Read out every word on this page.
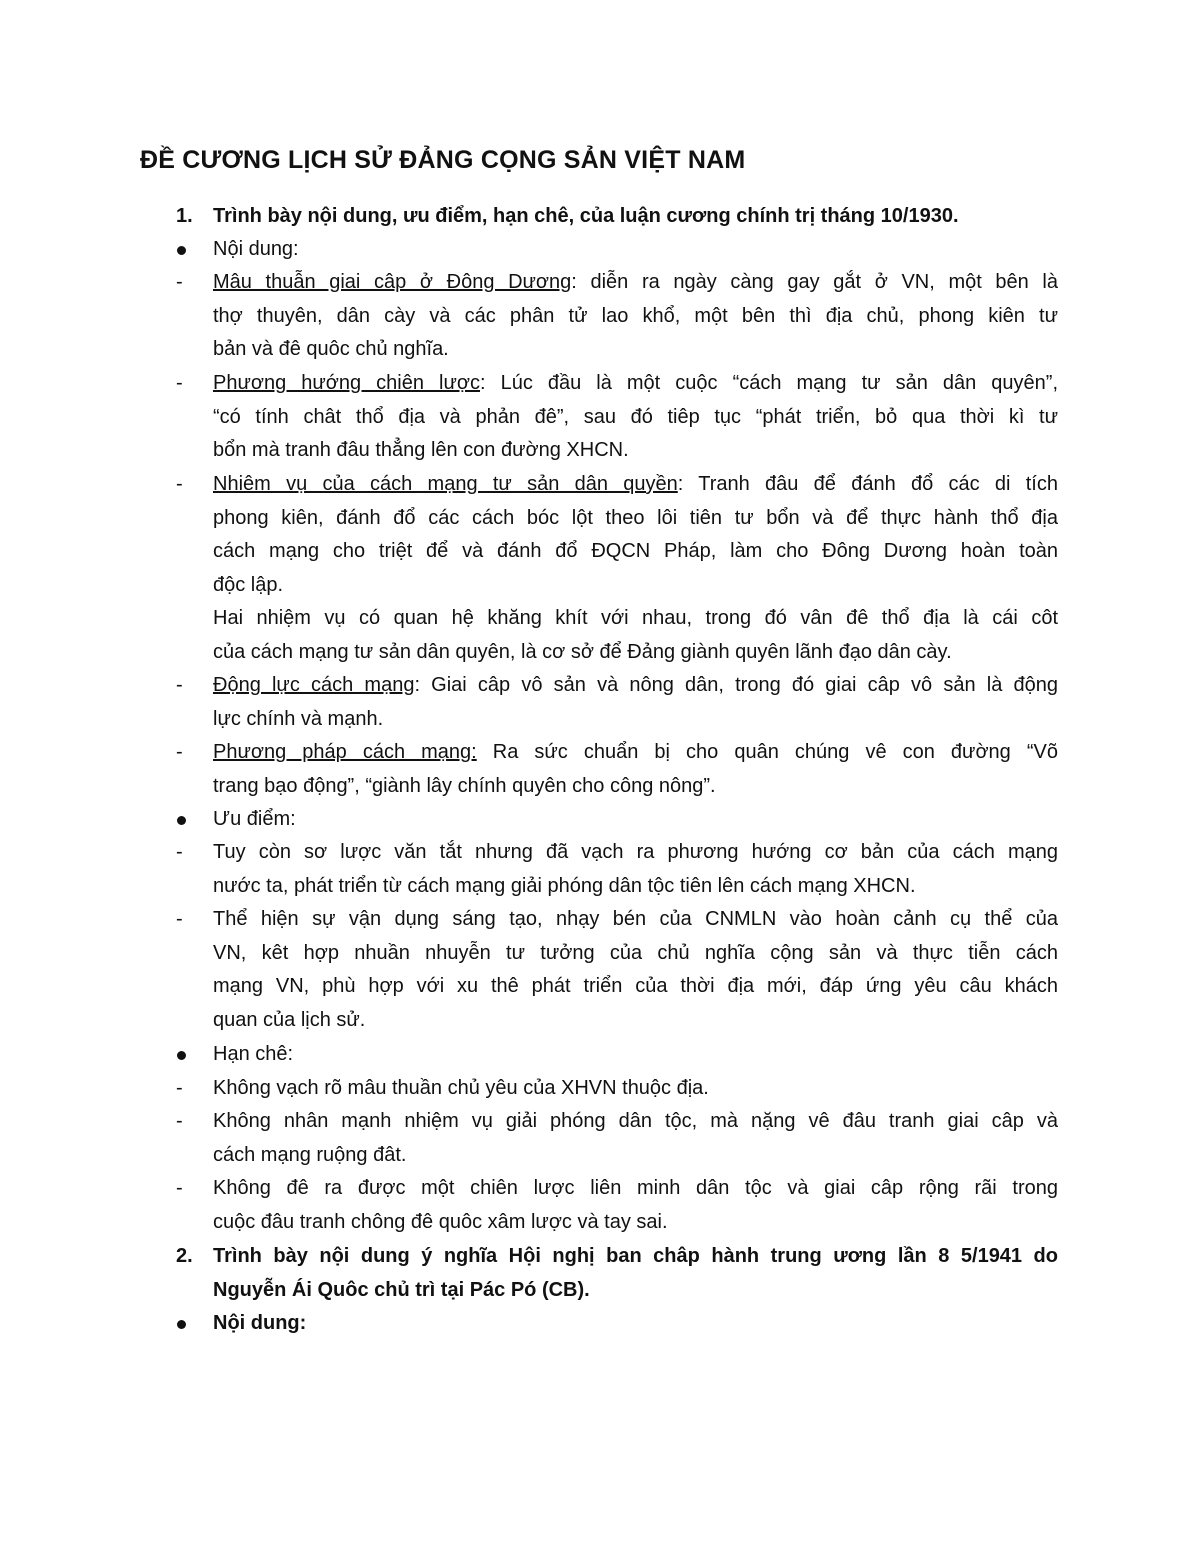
ĐỀ CƯƠNG LỊCH SỬ ĐẢNG CỌNG SẢN VIỆT NAM
1. Trình bày nội dung, ưu điểm, hạn chê, của luận cương chính trị tháng 10/1930.
Nội dung:
- Mâu thuẫn giai câp ở Đông Dương: diễn ra ngày càng gay gắt ở VN, một bên là
thợ thuyên, dân cày và các phân tử lao khổ, một bên thì địa chủ, phong kiên tư
bản và đê quôc chủ nghĩa.
- Phương hướng chiên lược: Lúc đầu là một cuộc “cách mạng tư sản dân quyên”,
“có tính chât thổ địa và phản đê”, sau đó tiêp tục “phát triển, bỏ qua thời kì tư
bổn mà tranh đâu thẳng lên con đường XHCN.
- Nhiêm vụ của cách mạng tư sản dân quyền: Tranh đâu để đánh đổ các di tích
phong kiên, đánh đổ các cách bóc lột theo lôi tiên tư bổn và để thực hành thổ địa
cách mạng cho triệt để và đánh đổ ĐQCN Pháp, làm cho Đông Dương hoàn toàn
độc lập.
Hai nhiệm vụ có quan hệ khăng khít với nhau, trong đó vân đê thổ địa là cái côt
của cách mạng tư sản dân quyên, là cơ sở để Đảng giành quyên lãnh đạo dân cày.
- Động lực cách mạng: Giai câp vô sản và nông dân, trong đó giai câp vô sản là động
lực chính và mạnh.
- Phương pháp cách mạng: Ra sức chuẩn bị cho quân chúng vê con đường “Võ
trang bạo động”, “giành lây chính quyên cho công nông”.
Ưu điểm:
- Tuy còn sơ lược văn tắt nhưng đã vạch ra phương hướng cơ bản của cách mạng
nước ta, phát triển từ cách mạng giải phóng dân tộc tiên lên cách mạng XHCN.
- Thể hiện sự vận dụng sáng tạo, nhạy bén của CNMLN vào hoàn cảnh cụ thể của
VN, kêt hợp nhuần nhuyễn tư tưởng của chủ nghĩa cộng sản và thực tiễn cách
mạng VN, phù hợp với xu thê phát triển của thời địa mới, đáp ứng yêu câu khách
quan của lịch sử.
Hạn chê:
- Không vạch rõ mâu thuần chủ yêu của XHVN thuộc địa.
- Không nhân mạnh nhiệm vụ giải phóng dân tộc, mà nặng vê đâu tranh giai câp và
cách mạng ruộng đât.
- Không đê ra được một chiên lược liên minh dân tộc và giai câp rộng rãi trong
cuộc đâu tranh chông đê quôc xâm lược và tay sai.
2. Trình bày nội dung ý nghĩa Hội nghị ban châp hành trung ương lần 8 5/1941 do
Nguyễn Ái Quôc chủ trì tại Pác Pó (CB).
Nội dung:
